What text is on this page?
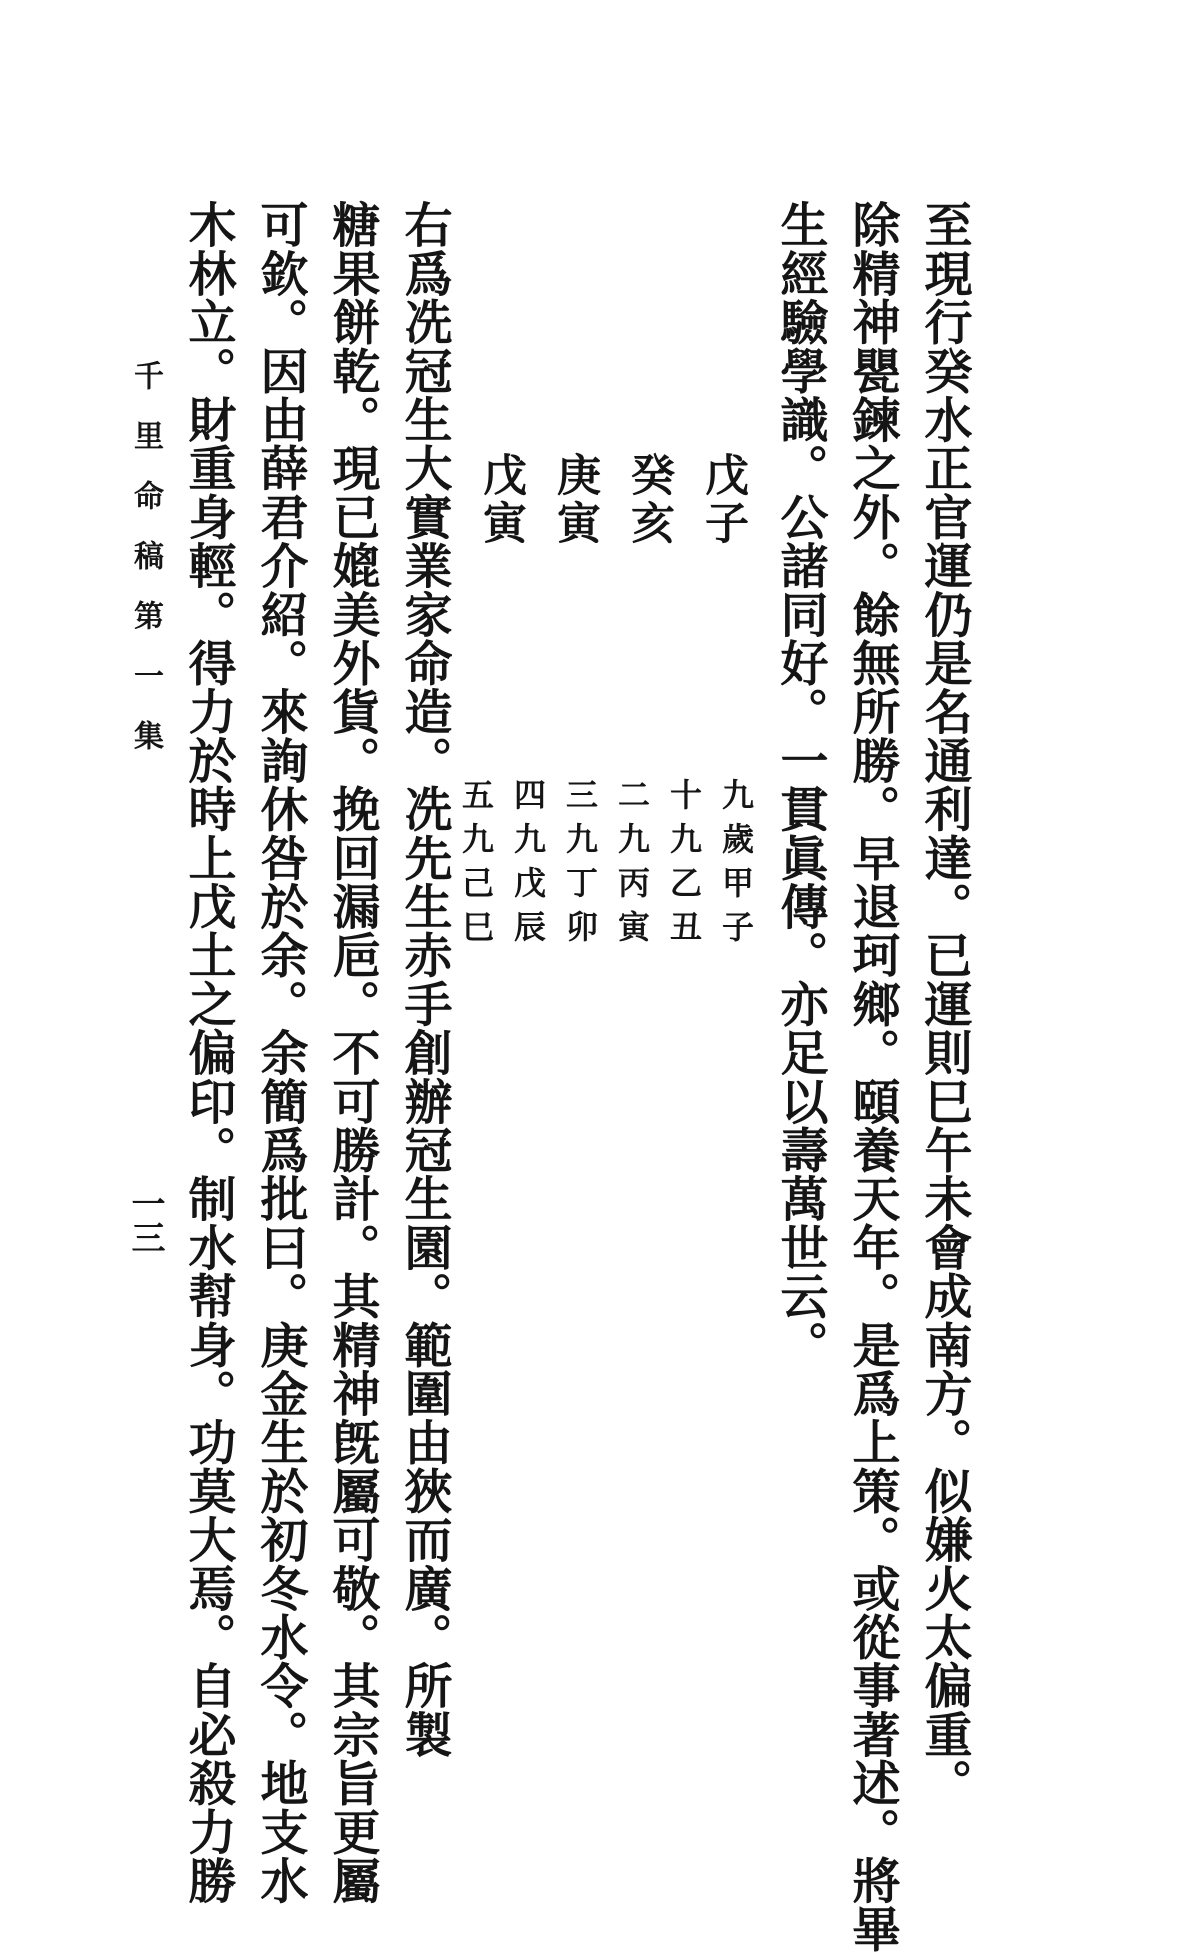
至現行癸水正官運仍是名通利達。已運則巳午未會成南方。似嫌火太偏重。
除精神甖鍊之外。餘無所勝。早退珂鄉。頤養天年。是爲上策。或從事著述。將畢
生經驗學識。公諸同好。一貫眞傳。亦足以壽萬世云。
戊子
癸亥
庚寅
戊寅
九歲甲子
十九乙丑
二九丙寅
三九丁卯
四九戊辰
五九己巳
右爲冼冠生大實業家命造。冼先生赤手創辦冠生園。範圍由狹而廣。所製
糖果餅乾。現已媲美外貨。挽回漏巵。不可勝計。其精神旣屬可敬。其宗旨更屬
可欽。因由薛君介紹。來詢休咎於余。余簡爲批曰。庚金生於初冬水令。地支水
木林立。財重身輕。得力於時上戊土之偏印。制水幇身。功莫大焉。自必殺力勝
千里命稿第一集
一三
